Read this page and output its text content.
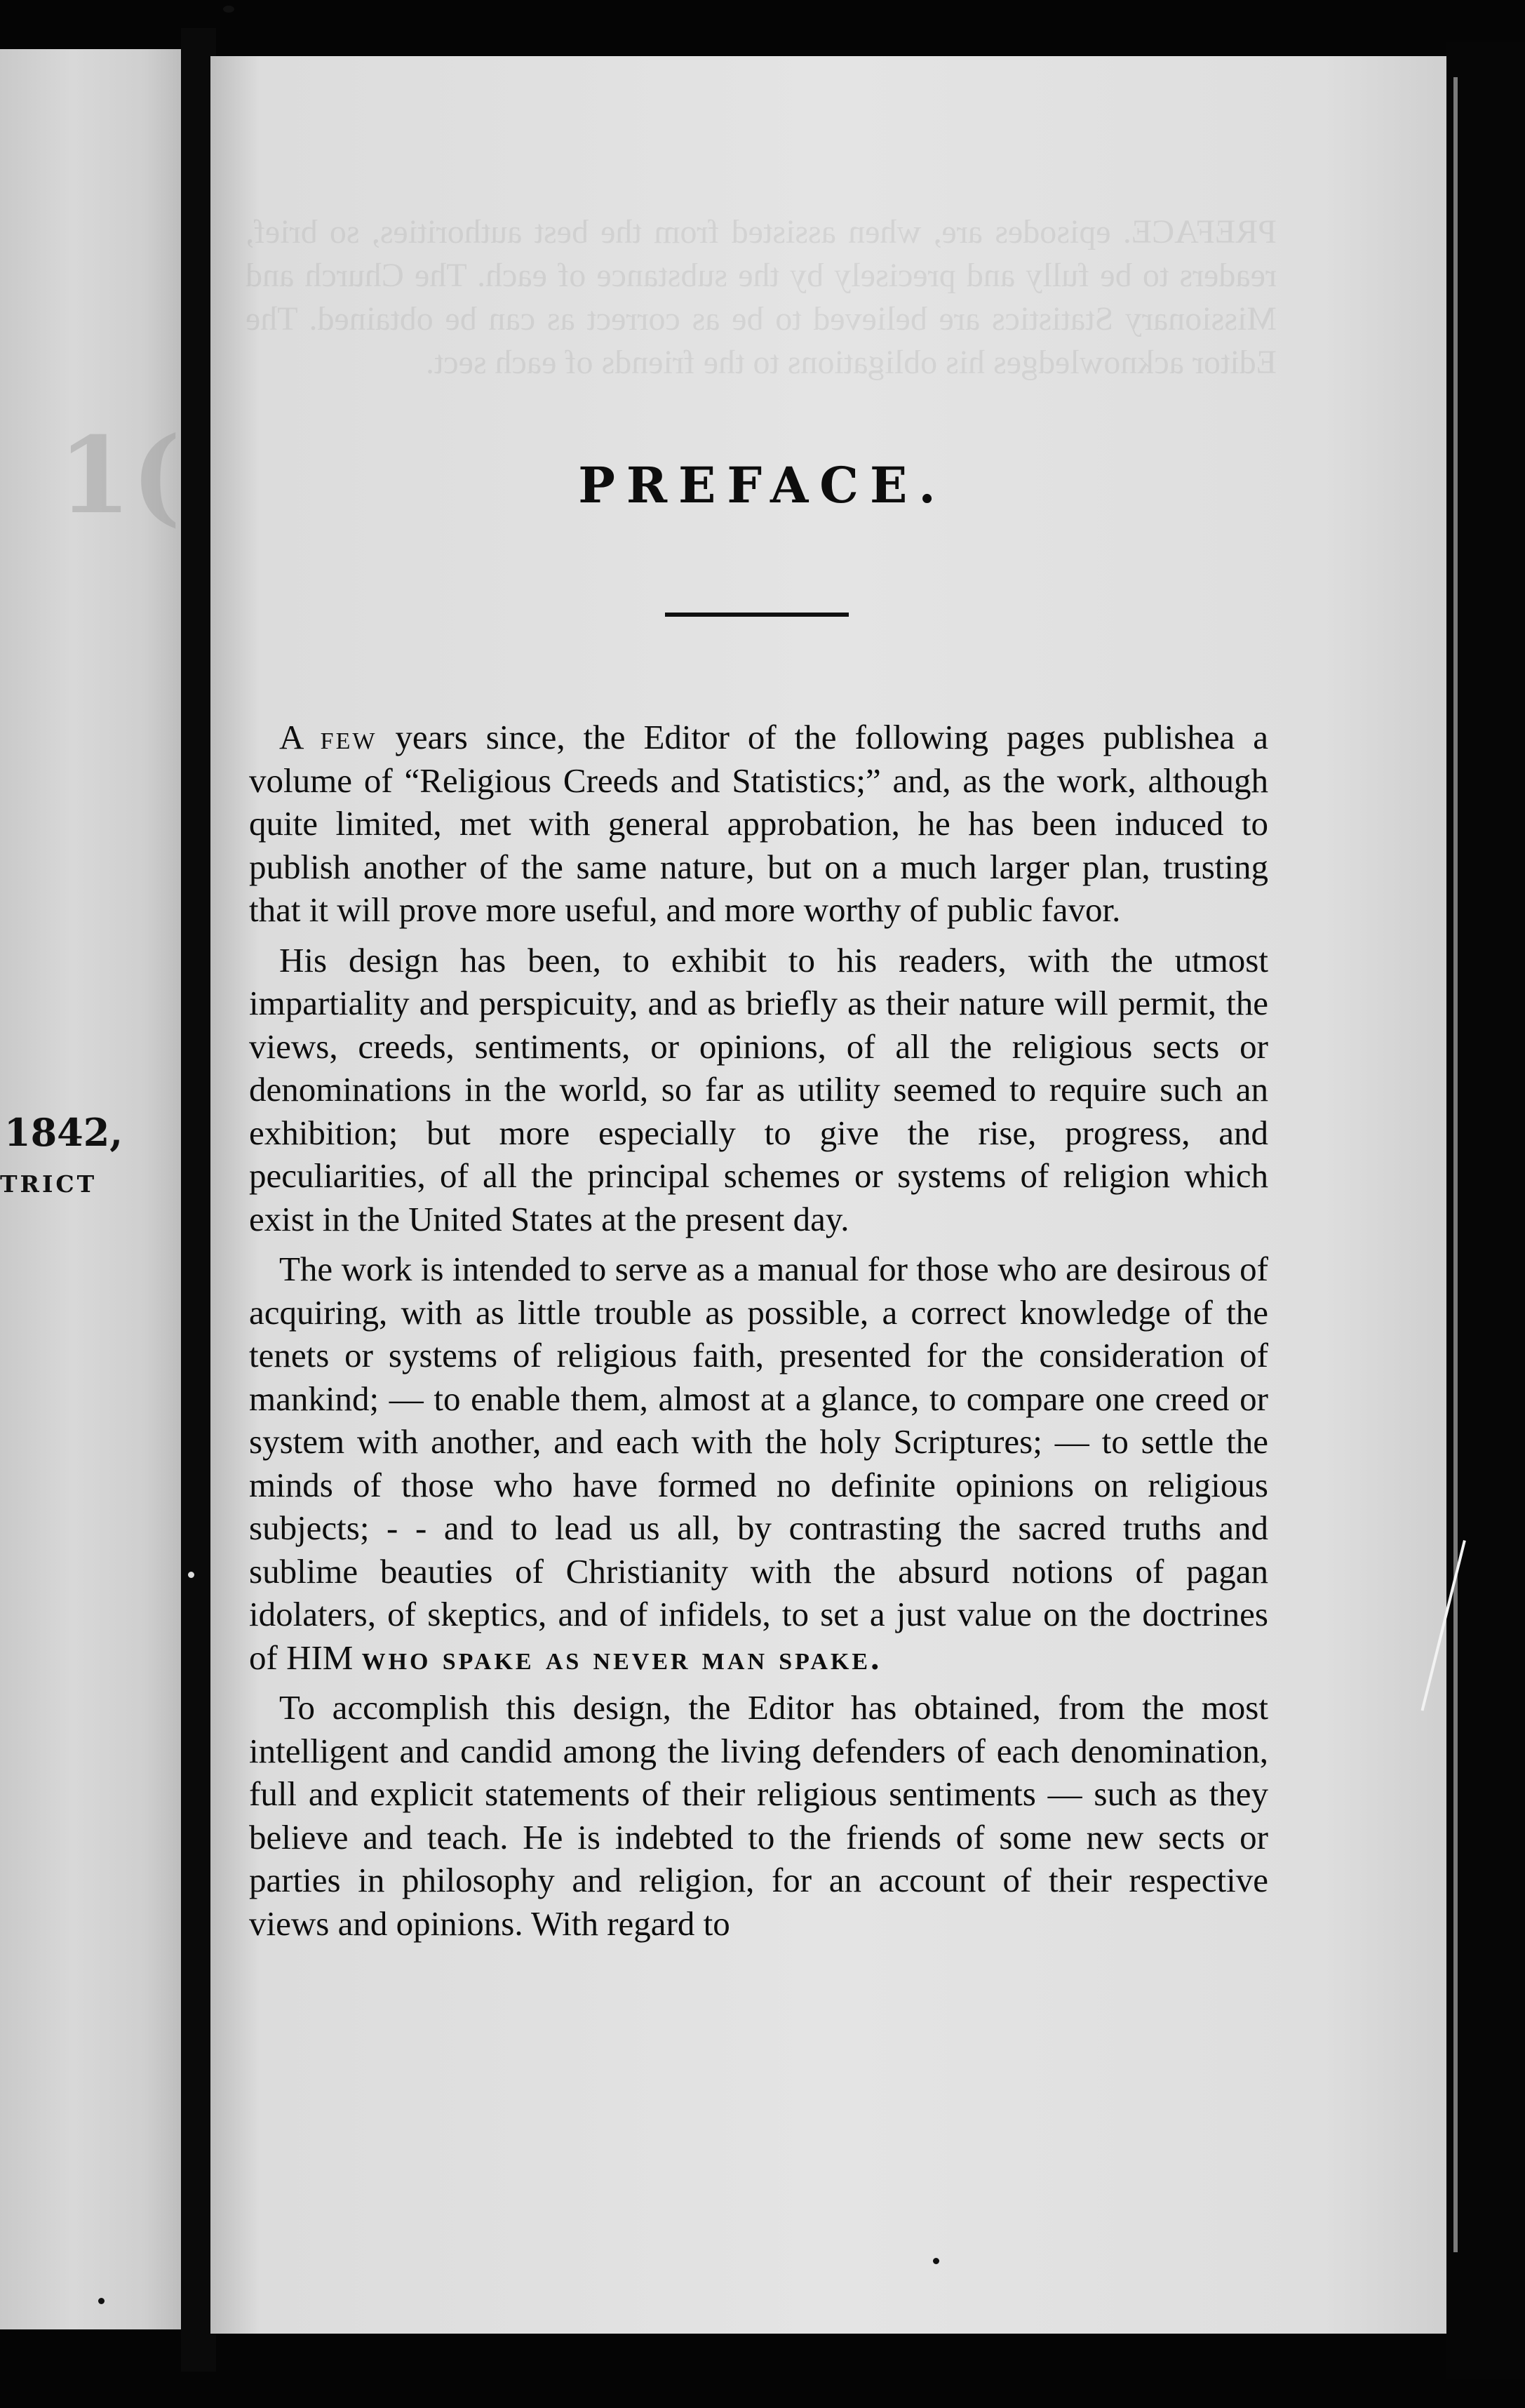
1(
1842,
TRICT
PREFACE. episodes are, when assisted from the best authorities, so brief, readers to be fully and precisely by the substance of each. The Church and Missionary Statistics are believed to be as correct as can be obtained. The Editor acknowledges his obligations to the friends of each sect.
PREFACE.

A few years since, the Editor of the following pages publishea a volume of “Religious Creeds and Statistics;” and, as the work, although quite limited, met with general approbation, he has been induced to publish another of the same nature, but on a much larger plan, trusting that it will prove more useful, and more worthy of public favor.

His design has been, to exhibit to his readers, with the utmost impartiality and perspicuity, and as briefly as their nature will permit, the views, creeds, sentiments, or opinions, of all the religious sects or denominations in the world, so far as utility seemed to require such an exhibition; but more especially to give the rise, progress, and peculiarities, of all the principal schemes or systems of religion which exist in the United States at the present day.

The work is intended to serve as a manual for those who are desirous of acquiring, with as little trouble as possible, a correct knowledge of the tenets or systems of religious faith, presented for the consideration of mankind; — to enable them, almost at a glance, to compare one creed or system with another, and each with the holy Scriptures; — to settle the minds of those who have formed no definite opinions on religious subjects; - - and to lead us all, by contrasting the sacred truths and sublime beauties of Christianity with the absurd notions of pagan idolaters, of skeptics, and of infidels, to set a just value on the doctrines of HIM who spake as never man spake.

To accomplish this design, the Editor has obtained, from the most intelligent and candid among the living defenders of each denomination, full and explicit statements of their religious sentiments — such as they believe and teach. He is indebted to the friends of some new sects or parties in philosophy and religion, for an account of their respective views and opinions. With regard to
